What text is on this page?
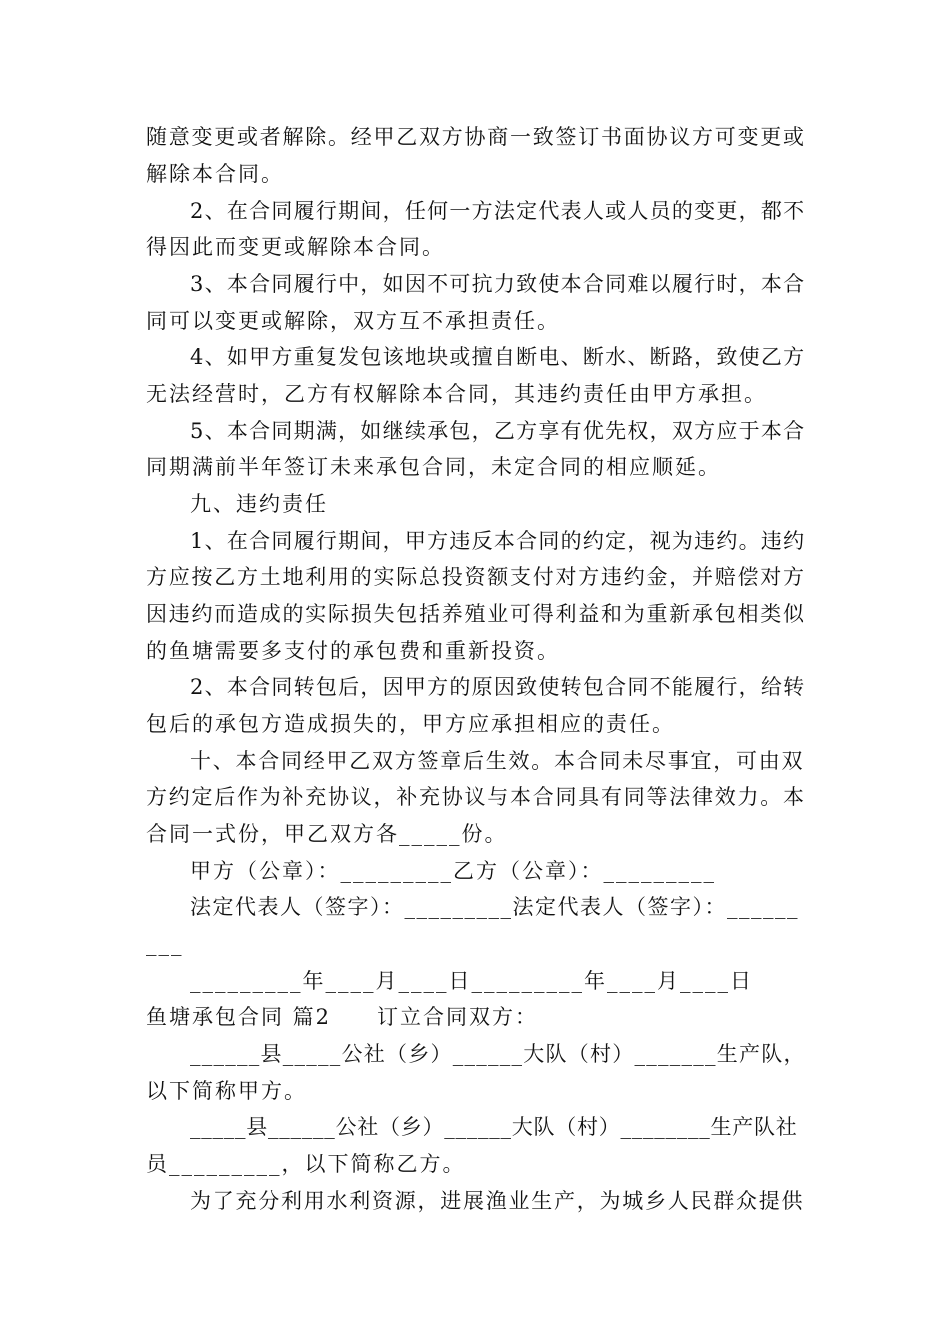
随意变更或者解除。经甲乙双方协商一致签订书面协议方可变更或
解除本合同。
2、在合同履行期间，任何一方法定代表人或人员的变更，都不
得因此而变更或解除本合同。
3、本合同履行中，如因不可抗力致使本合同难以履行时，本合
同可以变更或解除，双方互不承担责任。
4、如甲方重复发包该地块或擅自断电、断水、断路，致使乙方
无法经营时，乙方有权解除本合同，其违约责任由甲方承担。
5、本合同期满，如继续承包，乙方享有优先权，双方应于本合
同期满前半年签订未来承包合同，未定合同的相应顺延。
九、违约责任
1、在合同履行期间，甲方违反本合同的约定，视为违约。违约
方应按乙方土地利用的实际总投资额支付对方违约金，并赔偿对方
因违约而造成的实际损失包括养殖业可得利益和为重新承包相类似
的鱼塘需要多支付的承包费和重新投资。
2、本合同转包后，因甲方的原因致使转包合同不能履行，给转
包后的承包方造成损失的，甲方应承担相应的责任。
十、本合同经甲乙双方签章后生效。本合同未尽事宜，可由双
方约定后作为补充协议，补充协议与本合同具有同等法律效力。本
合同一式份，甲乙双方各_____份。
甲方（公章）：_________乙方（公章）：_________
法定代表人（签字）：_________法定代表人（签字）：______
___
_________年____月____日_________年____月____日
鱼塘承包合同 篇2　　订立合同双方：
______县_____公社（乡）______大队（村）_______生产队，
以下简称甲方。
_____县______公社（乡）______大队（村）________生产队社
员_________，以下简称乙方。
为了充分利用水利资源，进展渔业生产，为城乡人民群众提供
